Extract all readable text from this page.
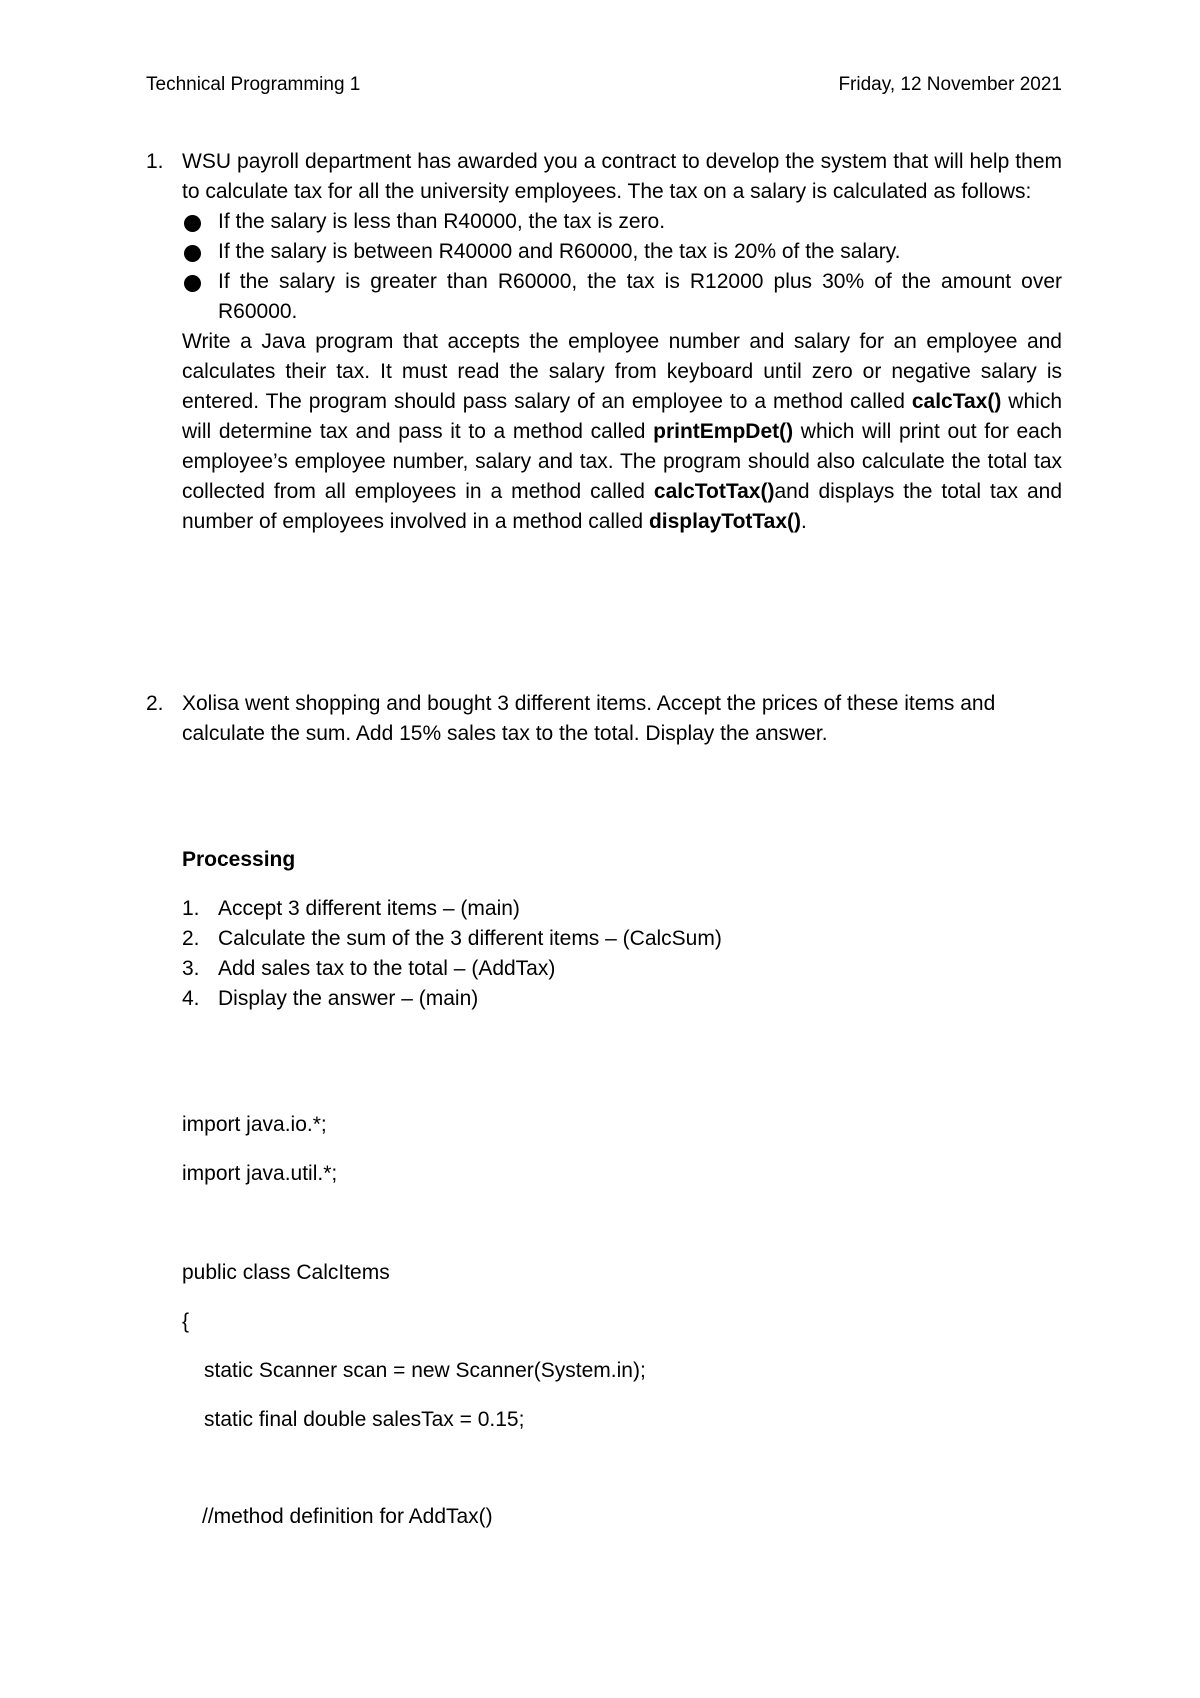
Technical Programming 1	Friday, 12 November 2021
1. WSU payroll department has awarded you a contract to develop the system that will help them to calculate tax for all the university employees. The tax on a salary is calculated as follows:
If the salary is less than R40000, the tax is zero.
If the salary is between R40000 and R60000, the tax is 20% of the salary.
If the salary is greater than R60000, the tax is R12000 plus 30% of the amount over R60000.
Write a Java program that accepts the employee number and salary for an employee and calculates their tax. It must read the salary from keyboard until zero or negative salary is entered. The program should pass salary of an employee to a method called calcTax() which will determine tax and pass it to a method called printEmpDet() which will print out for each employee’s employee number, salary and tax. The program should also calculate the total tax collected from all employees in a method called calcTotTax()and displays the total tax and number of employees involved in a method called displayTotTax().
2. Xolisa went shopping and bought 3 different items. Accept the prices of these items and calculate the sum. Add 15% sales tax to the total. Display the answer.
Processing
1. Accept 3 different items – (main)
2. Calculate the sum of the 3 different items – (CalcSum)
3. Add sales tax to the total – (AddTax)
4. Display the answer – (main)
import java.io.*;
import java.util.*;
public class CalcItems
{
static Scanner scan = new Scanner(System.in);
static final double salesTax = 0.15;
//method definition for AddTax()
